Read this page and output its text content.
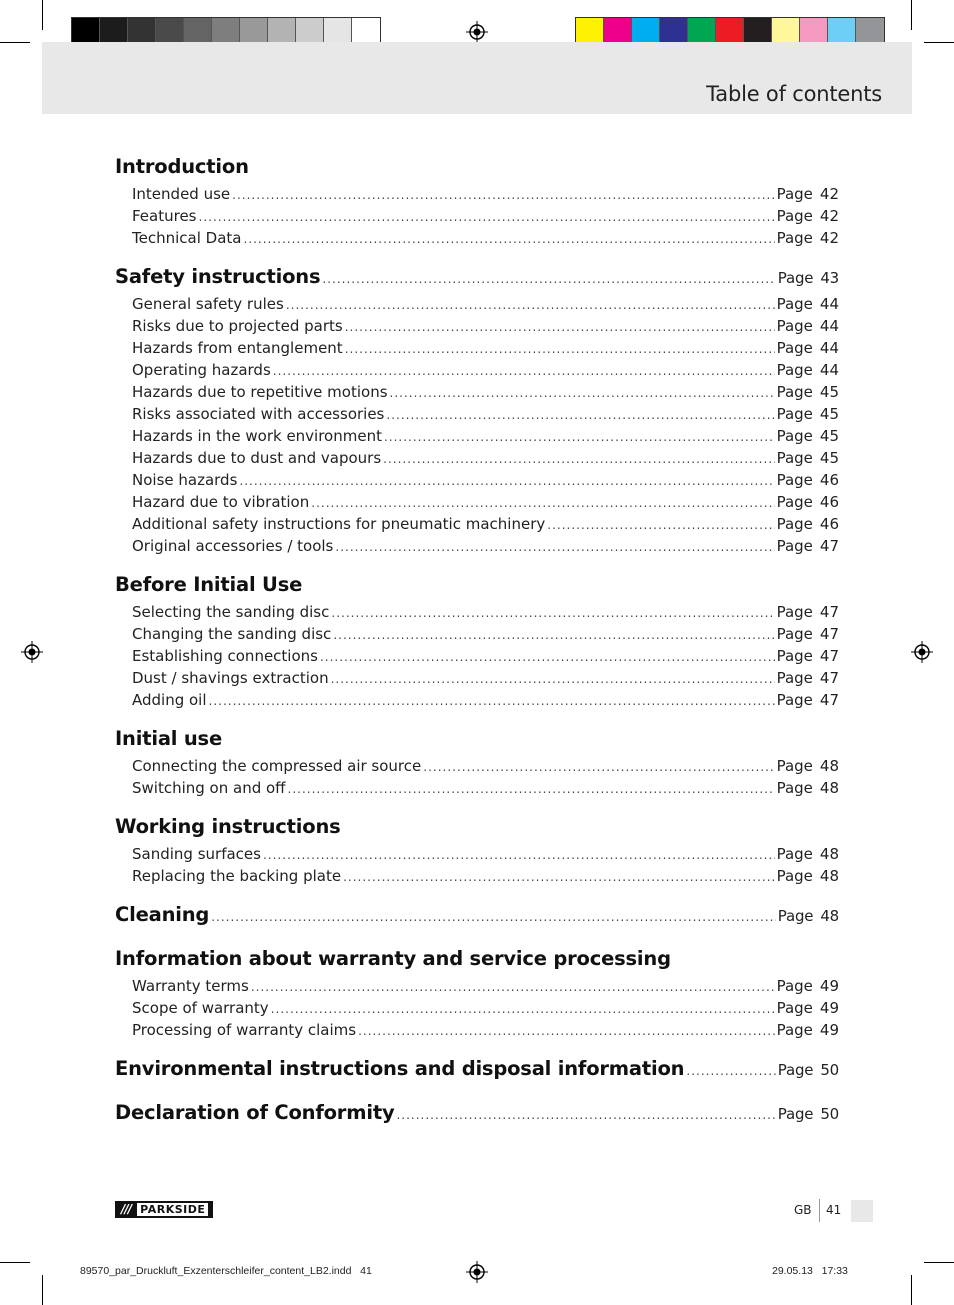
Table of contents
Introduction
Intended use .....	Page 42
Features .....	Page 42
Technical Data .....	Page 42
Safety instructions .....	Page 43
General safety rules .....	Page 44
Risks due to projected parts .....	Page 44
Hazards from entanglement .....	Page 44
Operating hazards .....	Page 44
Hazards due to repetitive motions .....	Page 45
Risks associated with accessories .....	Page 45
Hazards in the work environment .....	Page 45
Hazards due to dust and vapours .....	Page 45
Noise hazards .....	Page 46
Hazard due to vibration .....	Page 46
Additional safety instructions for pneumatic machinery .....	Page 46
Original accessories / tools .....	Page 47
Before Initial Use
Selecting the sanding disc .....	Page 47
Changing the sanding disc .....	Page 47
Establishing connections .....	Page 47
Dust / shavings extraction .....	Page 47
Adding oil .....	Page 47
Initial use
Connecting the compressed air source .....	Page 48
Switching on and off .....	Page 48
Working instructions
Sanding surfaces .....	Page 48
Replacing the backing plate .....	Page 48
Cleaning .....	Page 48
Information about warranty and service processing
Warranty terms .....	Page 49
Scope of warranty .....	Page 49
Processing of warranty claims .....	Page 49
Environmental instructions and disposal information .....	Page 50
Declaration of Conformity .....	Page 50
/// PARKSIDE	GB 41
89570_par_Druckluft_Exzenterschleifer_content_LB2.indd   41	29.05.13   17:33
